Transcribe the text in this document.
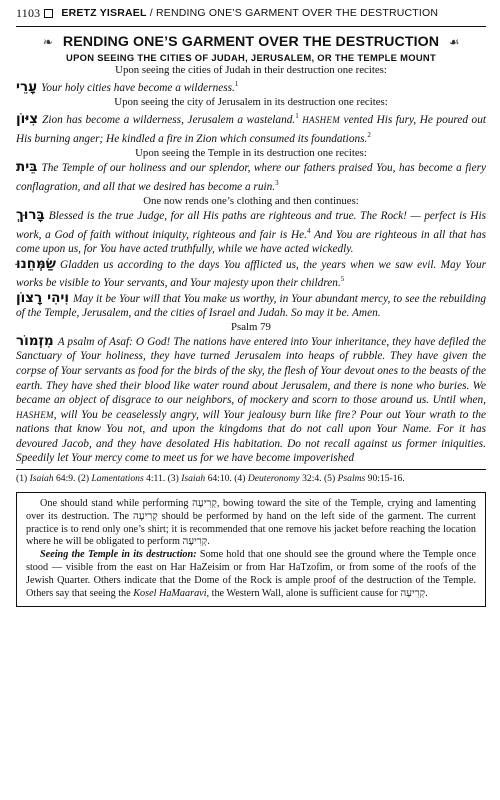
1103 ERETZ YISRAEL / RENDING ONE’S GARMENT OVER THE DESTRUCTION
❧ RENDING ONE’S GARMENT OVER THE DESTRUCTION ☙
UPON SEEING THE CITIES OF JUDAH, JERUSALEM, OR THE TEMPLE MOUNT
Upon seeing the cities of Judah in their destruction one recites:

עָרֵי Your holy cities have become a wilderness.$^1$

Upon seeing the city of Jerusalem in its destruction one recites:

צִיּוֹן Zion has become a wilderness, Jerusalem a wasteland.$^1$ HASHEM vented His fury, He poured out His burning anger; He kindled a fire in Zion which consumed its foundations.$^2$

Upon seeing the Temple in its destruction one recites:

בֵּית The Temple of our holiness and our splendor, where our fathers praised You, has become a fiery conflagration, and all that we desired has become a ruin.$^3$

One now rends one’s clothing and then continues:

בָּרוּךְ Blessed is the true Judge, for all His paths are righteous and true. The Rock! — perfect is His work, a God of faith without iniquity, righteous and fair is He.$^4$ And You are righteous in all that has come upon us, for You have acted truthfully, while we have acted wickedly.

שַׂמְּחֵנוּ Gladden us according to the days You afflicted us, the years when we saw evil. May Your works be visible to Your servants, and Your majesty upon their children.$^5$

וִיהִי רָצוֹן May it be Your will that You make us worthy, in Your abundant mercy, to see the rebuilding of the Temple, Jerusalem, and the cities of Israel and Judah. So may it be. Amen.

Psalm 79

מִזְמוֹר A psalm of Asaf: O God! The nations have entered into Your inheritance, they have defiled the Sanctuary of Your holiness, they have turned Jerusalem into heaps of rubble. They have given the corpse of Your servants as food for the birds of the sky, the flesh of Your devout ones to the beasts of the earth. They have shed their blood like water round about Jerusalem, and there is none who buries. We became an object of disgrace to our neighbors, of mockery and scorn to those around us. Until when, HASHEM, will You be ceaselessly angry, will Your jealousy burn like fire? Pour out Your wrath to the nations that know You not, and upon the kingdoms that do not call upon Your Name. For it has devoured Jacob, and they have desolated His habitation. Do not recall against us former iniquities. Speedily let Your mercy come to meet us for we have become impoverished

(1) Isaiah 64:9. (2) Lamentations 4:11. (3) Isaiah 64:10. (4) Deuteronomy 32:4. (5) Psalms 90:15-16.

One should stand while performing קְרִיעָה, bowing toward the site of the Temple, crying and lamenting over its destruction. The קְרִיעָה should be performed by hand on the left side of the garment. The current practice is to rend only one’s shirt; it is recommended that one remove his jacket before reaching the location where he will be obligated to perform קְרִיעָה.

Seeing the Temple in its destruction: Some hold that one should see the ground where the Temple once stood — visible from the east on Har HaZeisim or from Har HaTzofim, or from some of the roofs of the Jewish Quarter. Others indicate that the Dome of the Rock is ample proof of the destruction of the Temple. Others say that seeing the Kosel HaMaaravi, the Western Wall, alone is sufficient cause for קְרִיעָה.
